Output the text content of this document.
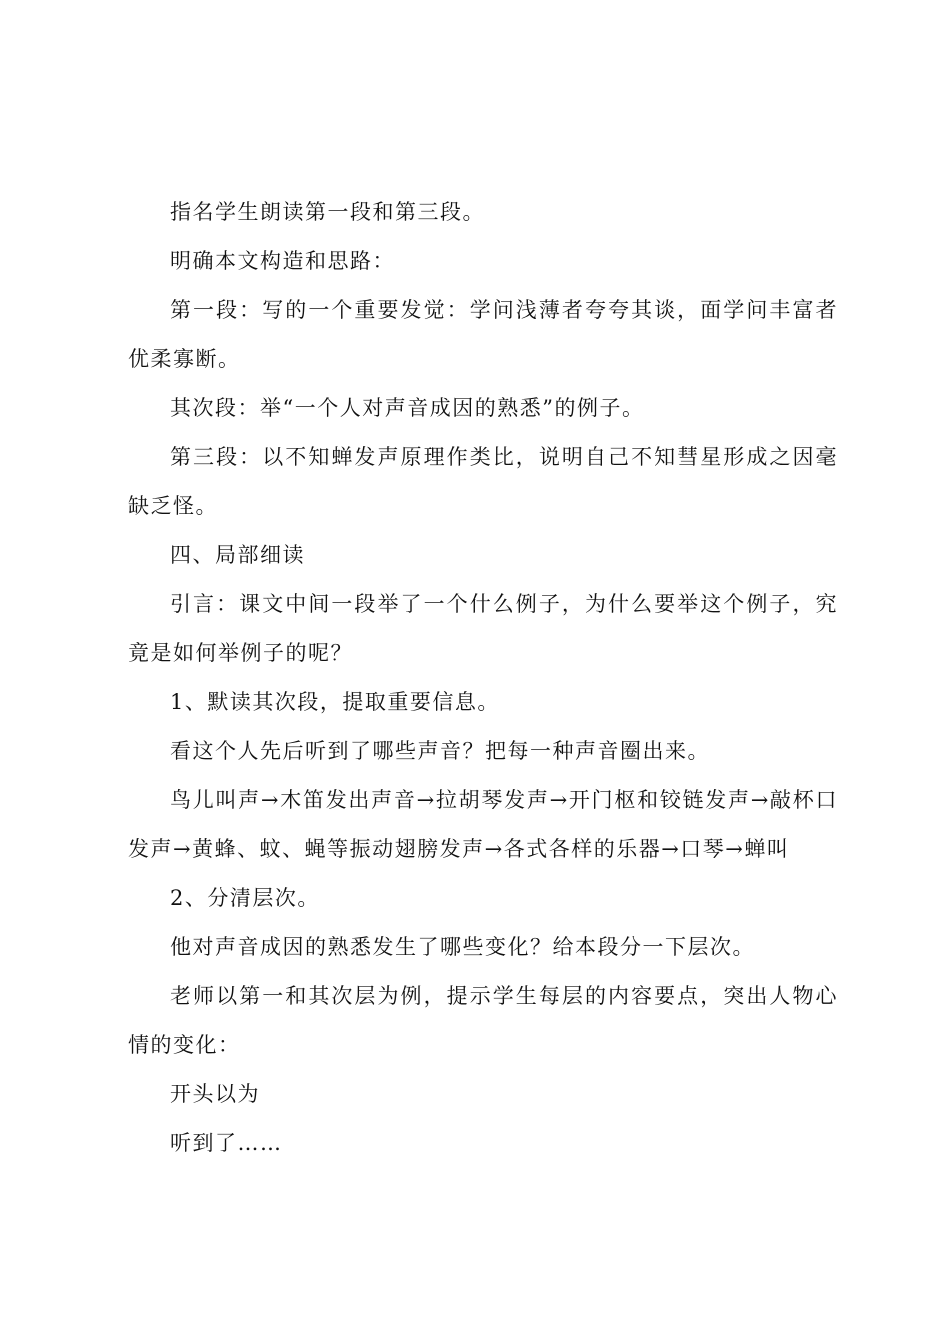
指名学生朗读第一段和第三段。

明确本文构造和思路：

第一段：写的一个重要发觉：学问浅薄者夸夸其谈，面学问丰富者优柔寡断。

其次段：举“一个人对声音成因的熟悉”的例子。

第三段：以不知蝉发声原理作类比，说明自己不知彗星形成之因毫缺乏怪。

四、局部细读

引言：课文中间一段举了一个什么例子，为什么要举这个例子，究竟是如何举例子的呢？

1、默读其次段，提取重要信息。

看这个人先后听到了哪些声音？把每一种声音圈出来。

鸟儿叫声→木笛发出声音→拉胡琴发声→开门枢和铰链发声→敲杯口发声→黄蜂、蚊、蝇等振动翅膀发声→各式各样的乐器→口琴→蝉叫

2、分清层次。

他对声音成因的熟悉发生了哪些变化？给本段分一下层次。

老师以第一和其次层为例，提示学生每层的内容要点，突出人物心情的变化：

开头以为

听到了……
